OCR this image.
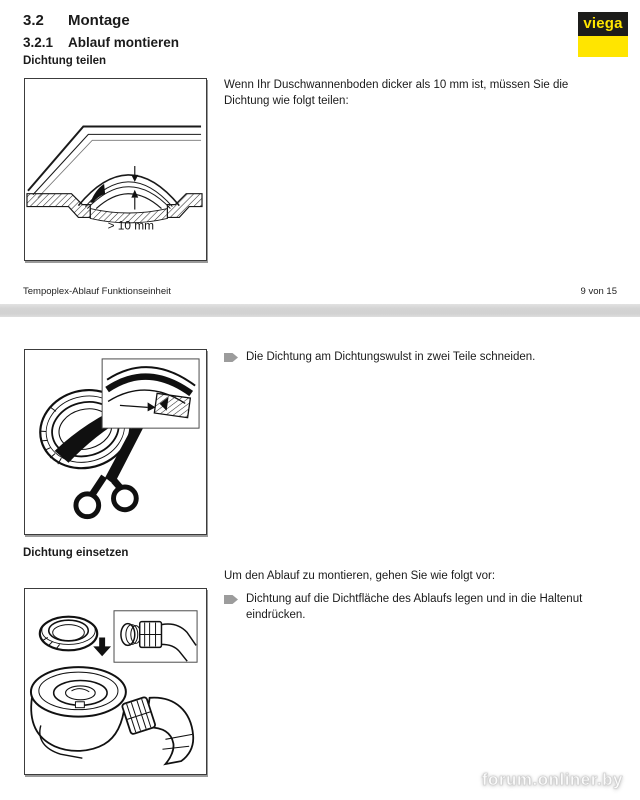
3.2	Montage
3.2.1	Ablauf montieren
Dichtung teilen
viega
> 10 mm

Wenn Ihr Duschwannenboden dicker als 10 mm ist, müssen Sie die Dichtung wie folgt teilen:

Tempoplex-Ablauf Funktionseinheit	9 von 15
Die Dichtung am Dichtungswulst in zwei Teile schneiden.
Dichtung einsetzen

Um den Ablauf zu montieren, gehen Sie wie folgt vor:

Dichtung auf die Dichtfläche des Ablaufs legen und in die Haltenut eindrücken.
forum.onliner.by
